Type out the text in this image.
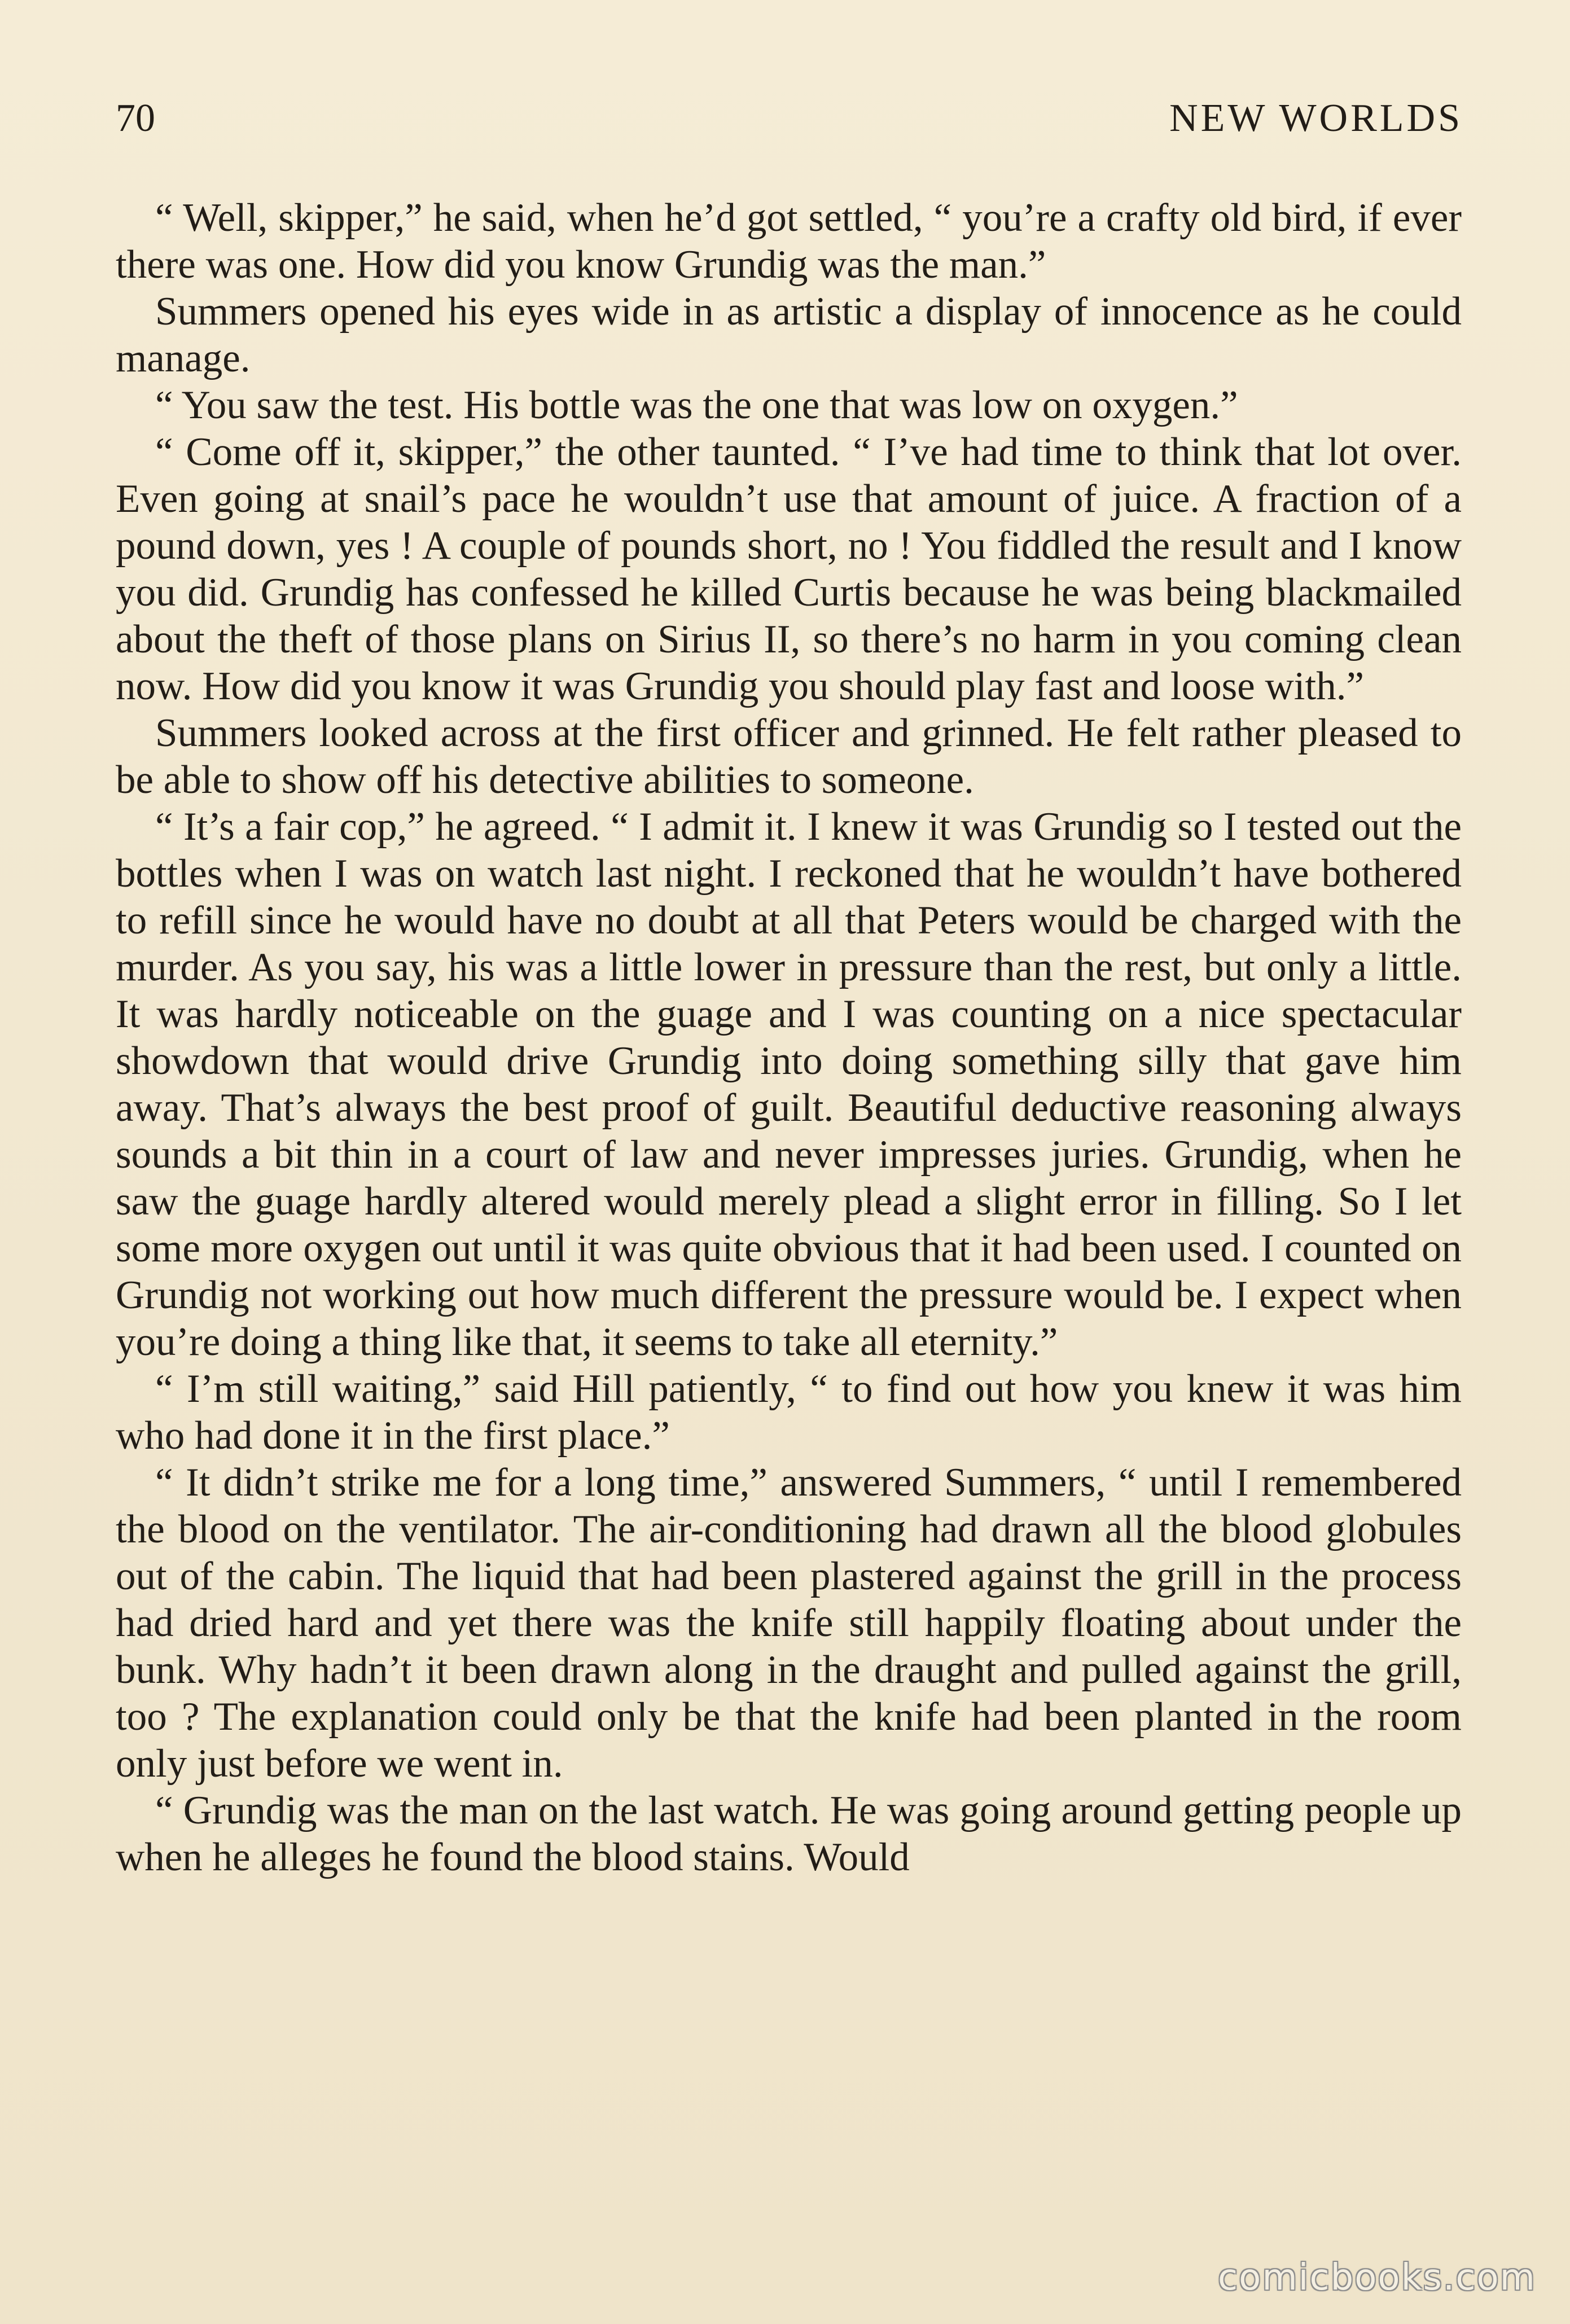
70	NEW WORLDS

“ Well, skipper,” he said, when he’d got settled, “ you’re a crafty old bird, if ever there was one. How did you know Grundig was the man.”

Summers opened his eyes wide in as artistic a display of innocence as he could manage.

“ You saw the test. His bottle was the one that was low on oxygen.”

“ Come off it, skipper,” the other taunted. “ I’ve had time to think that lot over. Even going at snail’s pace he wouldn’t use that amount of juice. A fraction of a pound down, yes ! A couple of pounds short, no ! You fiddled the result and I know you did. Grundig has confessed he killed Curtis because he was being blackmailed about the theft of those plans on Sirius II, so there’s no harm in you coming clean now. How did you know it was Grundig you should play fast and loose with.”

Summers looked across at the first officer and grinned. He felt rather pleased to be able to show off his detective abilities to someone.

“ It’s a fair cop,” he agreed. “ I admit it. I knew it was Grundig so I tested out the bottles when I was on watch last night. I reckoned that he wouldn’t have bothered to refill since he would have no doubt at all that Peters would be charged with the murder. As you say, his was a little lower in pressure than the rest, but only a little. It was hardly noticeable on the guage and I was counting on a nice spectacular showdown that would drive Grundig into doing something silly that gave him away. That’s always the best proof of guilt. Beautiful deductive reasoning always sounds a bit thin in a court of law and never impresses juries. Grundig, when he saw the guage hardly altered would merely plead a slight error in filling. So I let some more oxygen out until it was quite obvious that it had been used. I counted on Grundig not working out how much different the pressure would be. I expect when you’re doing a thing like that, it seems to take all eternity.”

“ I’m still waiting,” said Hill patiently, “ to find out how you knew it was him who had done it in the first place.”

“ It didn’t strike me for a long time,” answered Summers, “ until I remembered the blood on the ventilator. The air-conditioning had drawn all the blood globules out of the cabin. The liquid that had been plastered against the grill in the process had dried hard and yet there was the knife still happily floating about under the bunk. Why hadn’t it been drawn along in the draught and pulled against the grill, too ? The explanation could only be that the knife had been planted in the room only just before we went in.

“ Grundig was the man on the last watch. He was going around getting people up when he alleges he found the blood stains. Would

comicbooks.com
